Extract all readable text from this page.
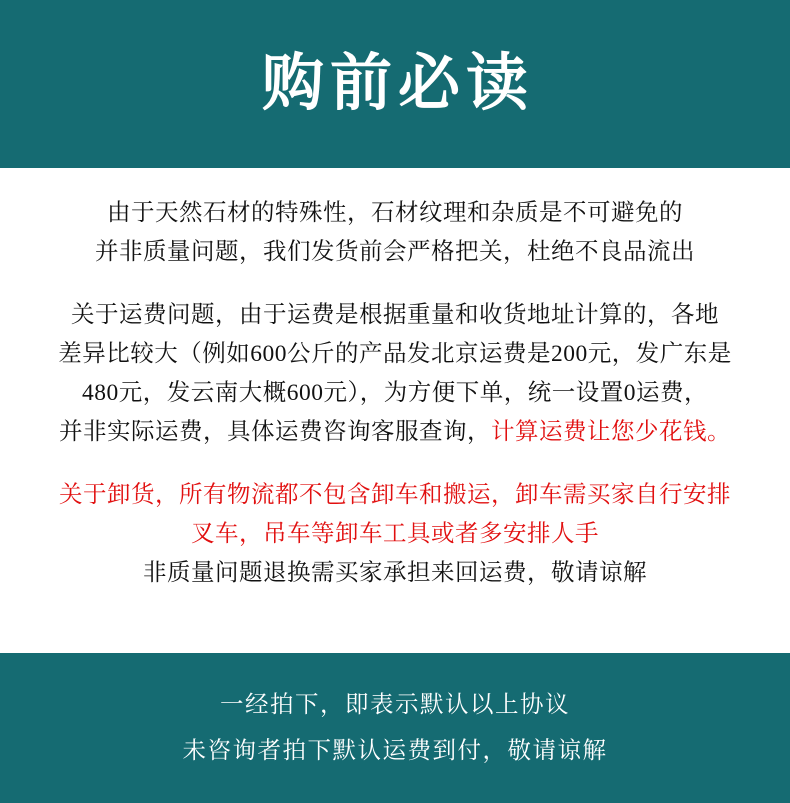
购前必读
由于天然石材的特殊性，石材纹理和杂质是不可避免的
并非质量问题，我们发货前会严格把关，杜绝不良品流出
关于运费问题，由于运费是根据重量和收货地址计算的，各地
差异比较大（例如600公斤的产品发北京运费是200元，发广东是
480元，发云南大概600元），为方便下单，统一设置0运费，
并非实际运费，具体运费咨询客服查询，计算运费让您少花钱。
关于卸货，所有物流都不包含卸车和搬运，卸车需买家自行安排
叉车，吊车等卸车工具或者多安排人手
非质量问题退换需买家承担来回运费，敬请谅解
一经拍下，即表示默认以上协议
未咨询者拍下默认运费到付，敬请谅解
